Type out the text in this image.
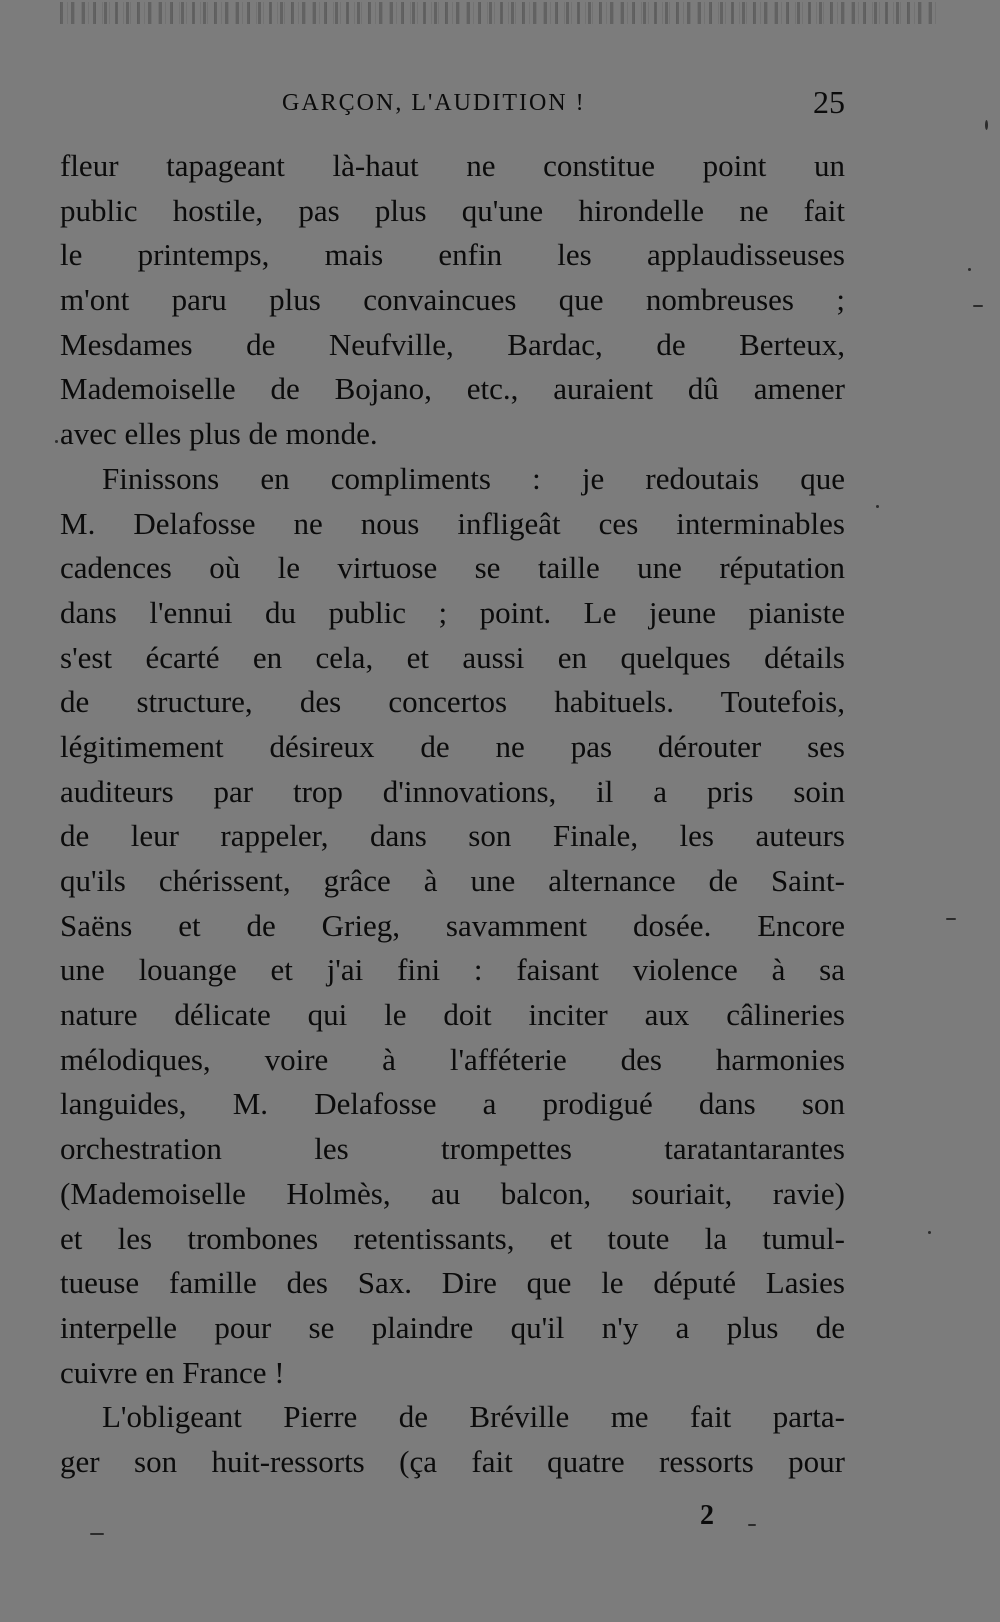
GARÇON, L'AUDITION !	25
fleur tapageant là-haut ne constitue point un
public hostile, pas plus qu'une hirondelle ne fait
le printemps, mais enfin les applaudisseuses
m'ont paru plus convaincues que nombreuses ;
Mesdames de Neufville, Bardac, de Berteux,
Mademoiselle de Bojano, etc., auraient dû amener
avec elles plus de monde.
Finissons en compliments : je redoutais que
M. Delafosse ne nous infligeât ces interminables
cadences où le virtuose se taille une réputation
dans l'ennui du public ; point. Le jeune pianiste
s'est écarté en cela, et aussi en quelques détails
de structure, des concertos habituels. Toutefois,
légitimement désireux de ne pas dérouter ses
auditeurs par trop d'innovations, il a pris soin
de leur rappeler, dans son Finale, les auteurs
qu'ils chérissent, grâce à une alternance de Saint-
Saëns et de Grieg, savamment dosée. Encore
une louange et j'ai fini : faisant violence à sa
nature délicate qui le doit inciter aux câlineries
mélodiques, voire à l'afféterie des harmonies
languides, M. Delafosse a prodigué dans son
orchestration les trompettes taratantarantes
(Mademoiselle Holmès, au balcon, souriait, ravie)
et les trombones retentissants, et toute la tumul-
tueuse famille des Sax. Dire que le député Lasies
interpelle pour se plaindre qu'il n'y a plus de
cuivre en France !
L'obligeant Pierre de Bréville me fait parta-
ger son huit-ressorts (ça fait quatre ressorts pour
2
